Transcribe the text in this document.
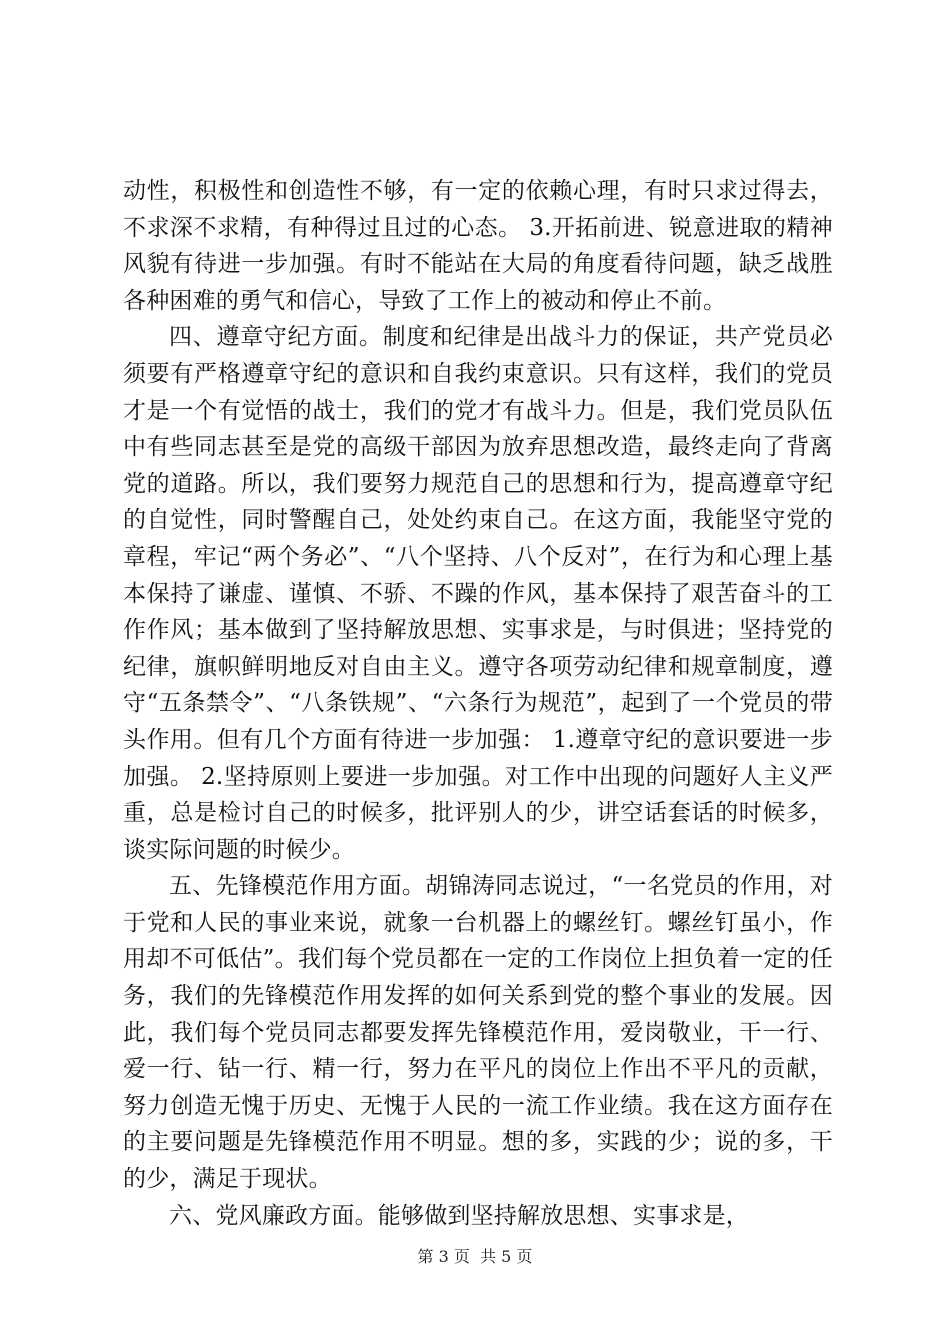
动性，积极性和创造性不够，有一定的依赖心理，有时只求过得去，不求深不求精，有种得过且过的心态。 3.开拓前进、锐意进取的精神风貌有待进一步加强。有时不能站在大局的角度看待问题，缺乏战胜各种困难的勇气和信心，导致了工作上的被动和停止不前。

四、遵章守纪方面。制度和纪律是出战斗力的保证，共产党员必须要有严格遵章守纪的意识和自我约束意识。只有这样，我们的党员才是一个有觉悟的战士，我们的党才有战斗力。但是，我们党员队伍中有些同志甚至是党的高级干部因为放弃思想改造，最终走向了背离党的道路。所以，我们要努力规范自己的思想和行为，提高遵章守纪的自觉性，同时警醒自己，处处约束自己。在这方面，我能坚守党的章程，牢记“两个务必”、“八个坚持、八个反对”，在行为和心理上基本保持了谦虚、谨慎、不骄、不躁的作风，基本保持了艰苦奋斗的工作作风；基本做到了坚持解放思想、实事求是，与时俱进；坚持党的纪律，旗帜鲜明地反对自由主义。遵守各项劳动纪律和规章制度，遵守“五条禁令”、“八条铁规”、“六条行为规范”，起到了一个党员的带头作用。但有几个方面有待进一步加强： 1.遵章守纪的意识要进一步加强。 2.坚持原则上要进一步加强。对工作中出现的问题好人主义严重，总是检讨自己的时候多，批评别人的少，讲空话套话的时候多，谈实际问题的时候少。

五、先锋模范作用方面。胡锦涛同志说过，“一名党员的作用，对于党和人民的事业来说，就象一台机器上的螺丝钉。螺丝钉虽小，作用却不可低估”。我们每个党员都在一定的工作岗位上担负着一定的任务，我们的先锋模范作用发挥的如何关系到党的整个事业的发展。因此，我们每个党员同志都要发挥先锋模范作用，爱岗敬业，干一行、爱一行、钻一行、精一行，努力在平凡的岗位上作出不平凡的贡献，努力创造无愧于历史、无愧于人民的一流工作业绩。我在这方面存在的主要问题是先锋模范作用不明显。想的多，实践的少；说的多，干的少，满足于现状。

六、党风廉政方面。能够做到坚持解放思想、实事求是，

第 3 页  共 5 页
